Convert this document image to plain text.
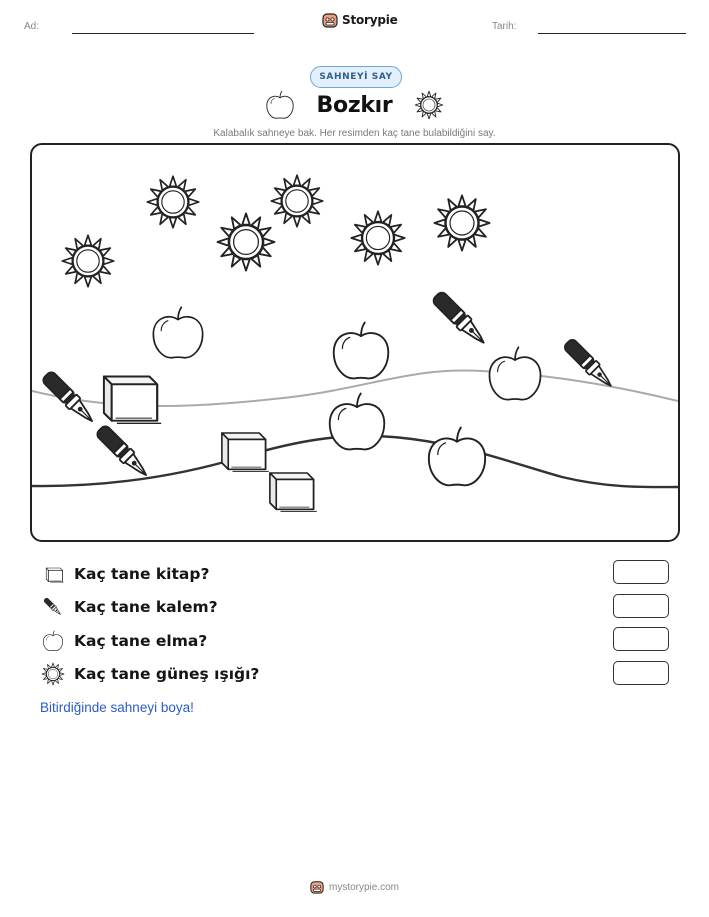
Ad:	Storypie	Tarih:
SAHNEYİ SAY
Bozkır
Kalabalık sahneye bak. Her resimden kaç tane bulabildiğini say.
Kaç tane kitap?
Kaç tane kalem?
Kaç tane elma?
Kaç tane güneş ışığı?
Bitirdiğinde sahneyi boya!
mystorypie.com
